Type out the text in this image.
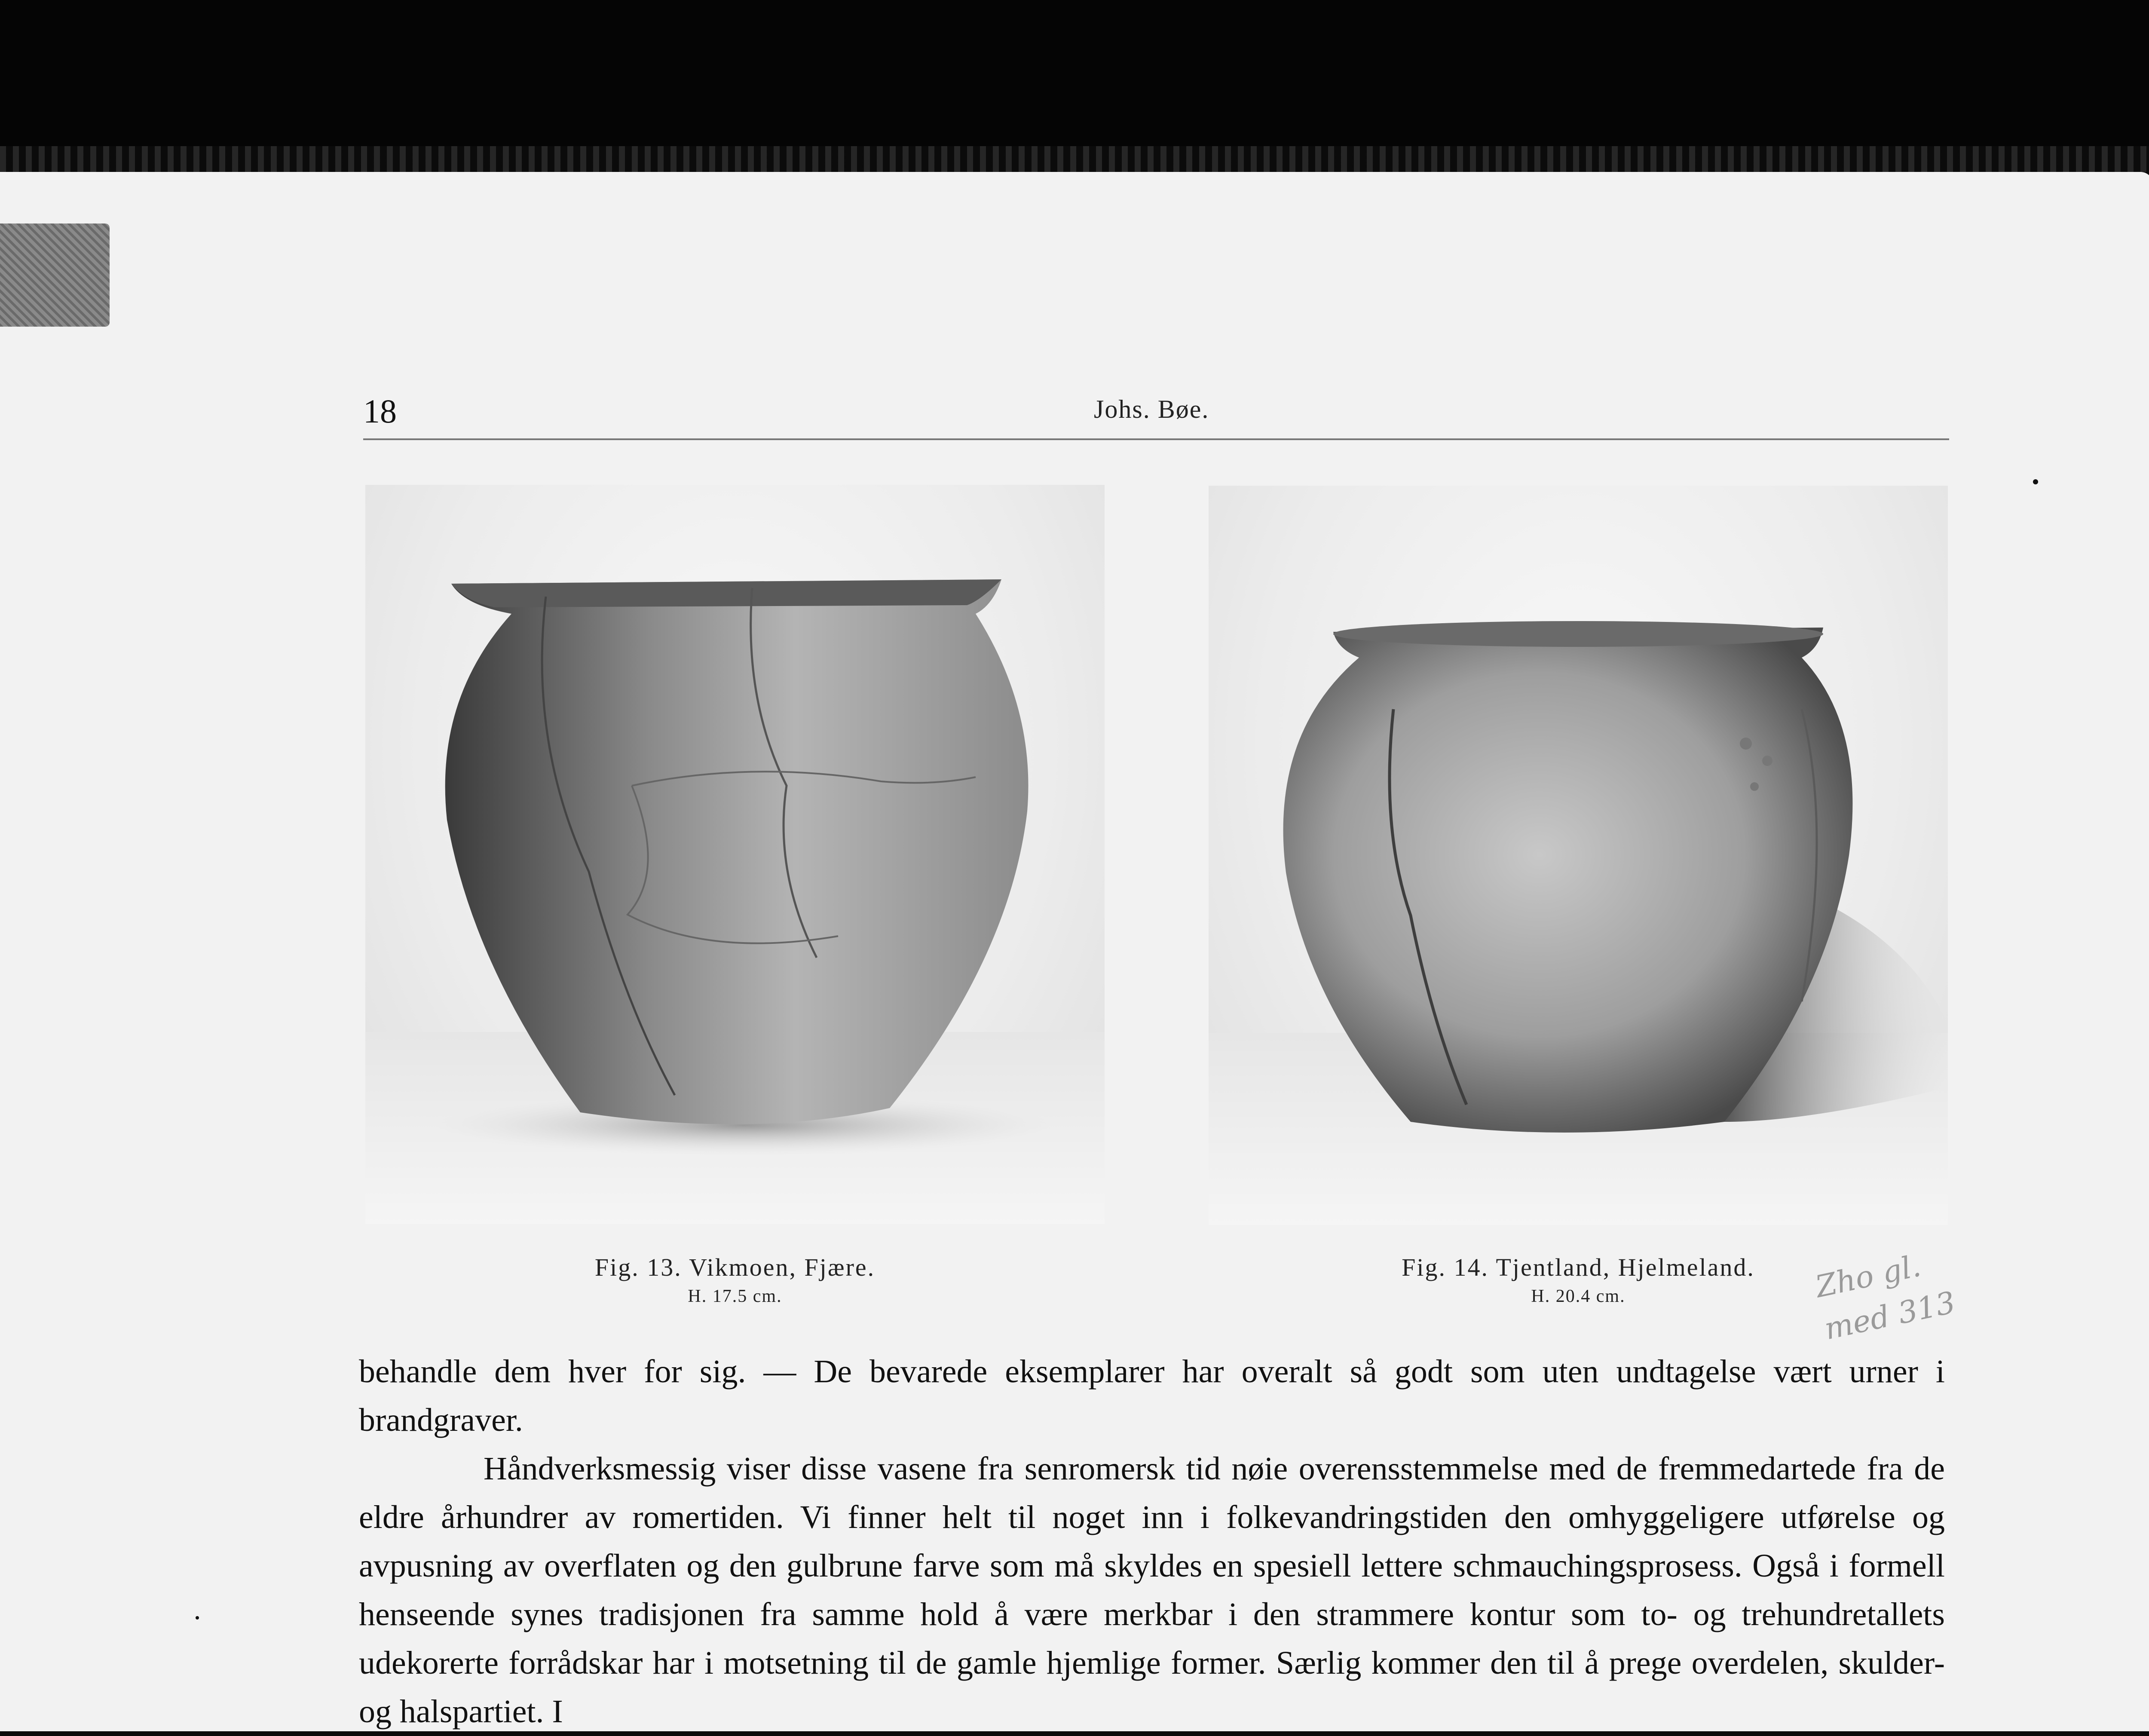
18	Johs. Bøe.
Fig. 13. Vikmoen, Fjære.
H. 17.5 cm.
Fig. 14. Tjentland, Hjelmeland.
H. 20.4 cm.	Zho gl.
med 313

behandle dem hver for sig. — De bevarede eksemplarer har overalt så godt som uten undtagelse vært urner i brandgraver.

Håndverksmessig viser disse vasene fra senromersk tid nøie overensstemmelse med de fremmedartede fra de eldre århundrer av romertiden. Vi finner helt til noget inn i folkevandringstiden den omhyggeligere utførelse og avpusning av overflaten og den gulbrune farve som må skyldes en spesiell lettere schmauchingsprosess. Også i formell henseende synes tradisjonen fra samme hold å være merkbar i den strammere kontur som to- og trehundretallets udekorerte forrådskar har i motsetning til de gamle hjemlige former. Særlig kommer den til å prege overdelen, skulder- og halspartiet. I
